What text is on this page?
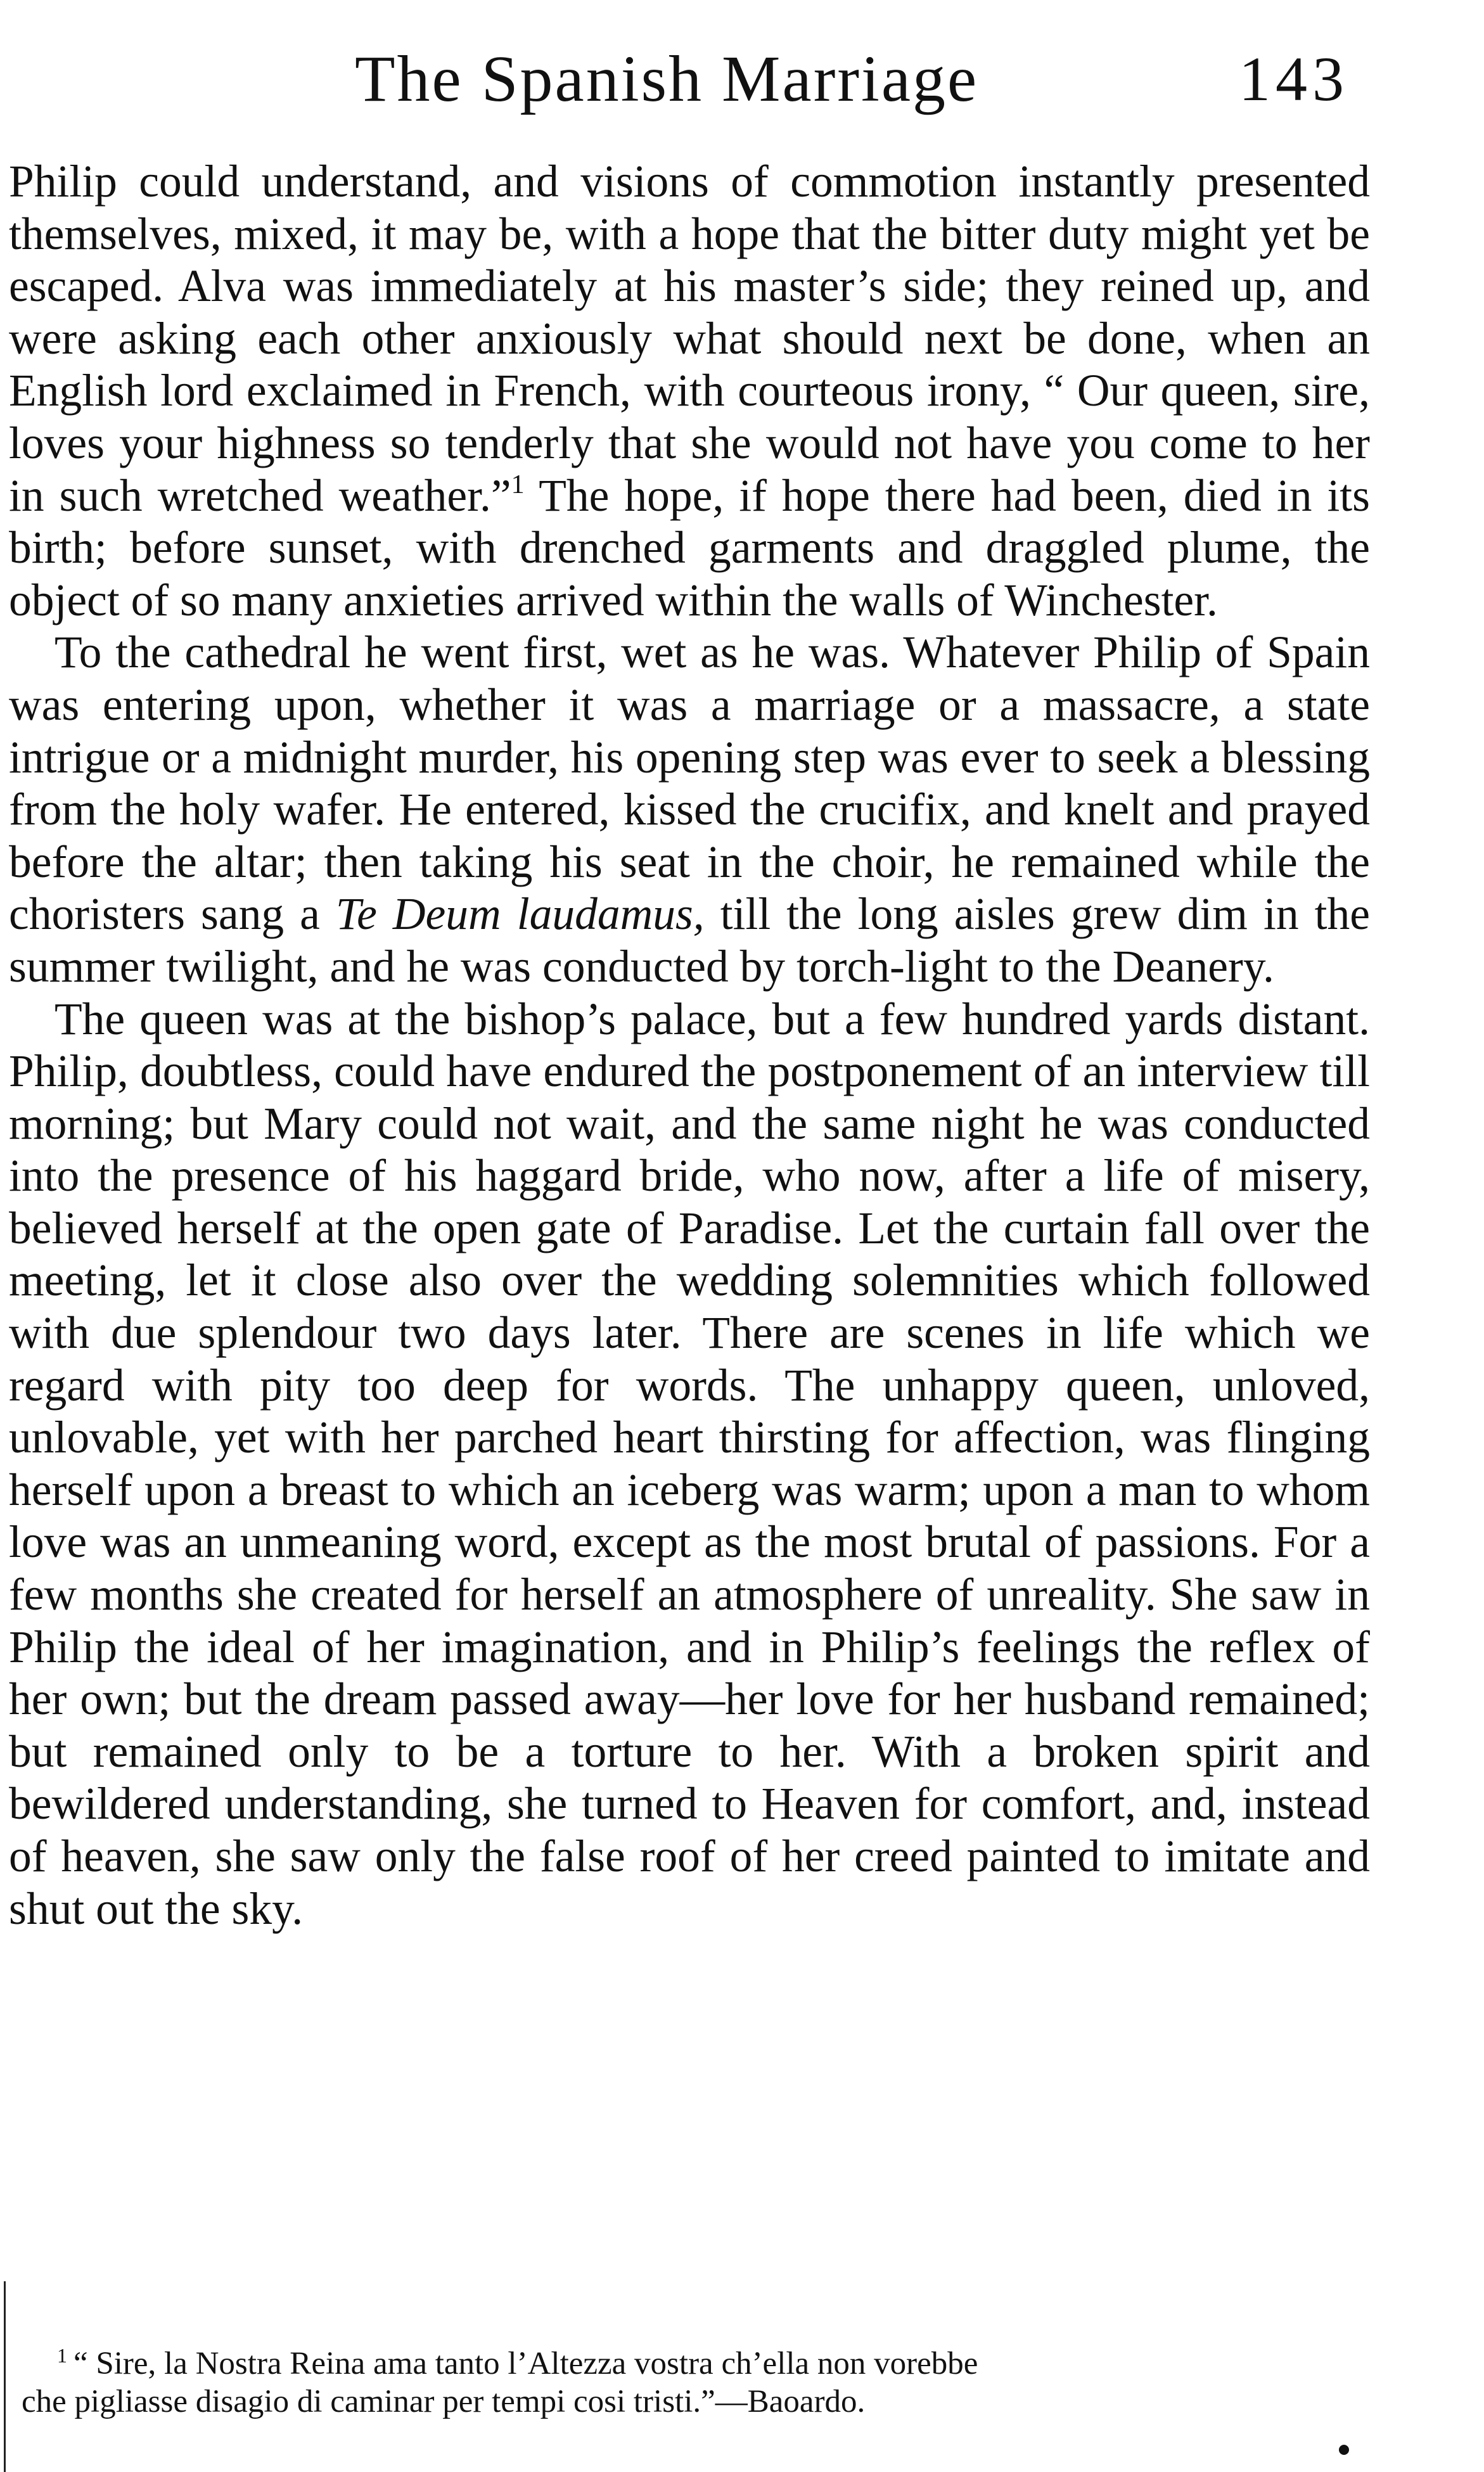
The Spanish Marriage	143

Philip could understand, and visions of commotion instantly presented themselves, mixed, it may be, with a hope that the bitter duty might yet be escaped. Alva was immediately at his master’s side; they reined up, and were asking each other anxiously what should next be done, when an English lord exclaimed in French, with courteous irony, “ Our queen, sire, loves your highness so tenderly that she would not have you come to her in such wretched weather.”$^1$ The hope, if hope there had been, died in its birth; before sunset, with drenched garments and draggled plume, the object of so many anxieties arrived within the walls of Winchester.

To the cathedral he went first, wet as he was. Whatever Philip of Spain was entering upon, whether it was a marriage or a massacre, a state intrigue or a midnight murder, his opening step was ever to seek a blessing from the holy wafer. He entered, kissed the crucifix, and knelt and prayed before the altar; then taking his seat in the choir, he remained while the choristers sang a Te Deum laudamus, till the long aisles grew dim in the summer twilight, and he was conducted by torch-light to the Deanery.

The queen was at the bishop’s palace, but a few hundred yards distant. Philip, doubtless, could have endured the postponement of an interview till morning; but Mary could not wait, and the same night he was conducted into the presence of his haggard bride, who now, after a life of misery, believed herself at the open gate of Paradise. Let the curtain fall over the meeting, let it close also over the wedding solemnities which followed with due splendour two days later. There are scenes in life which we regard with pity too deep for words. The unhappy queen, unloved, unlovable, yet with her parched heart thirsting for affection, was flinging herself upon a breast to which an iceberg was warm; upon a man to whom love was an unmeaning word, except as the most brutal of passions. For a few months she created for herself an atmosphere of unreality. She saw in Philip the ideal of her imagination, and in Philip’s feelings the reflex of her own; but the dream passed away—her love for her husband remained; but remained only to be a torture to her. With a broken spirit and bewildered understanding, she turned to Heaven for comfort, and, instead of heaven, she saw only the false roof of her creed painted to imitate and shut out the sky.

$^1$ “ Sire, la Nostra Reina ama tanto l’Altezza vostra ch’ella non vorebbe
che pigliasse disagio di caminar per tempi cosi tristi.”—Baoardo.
